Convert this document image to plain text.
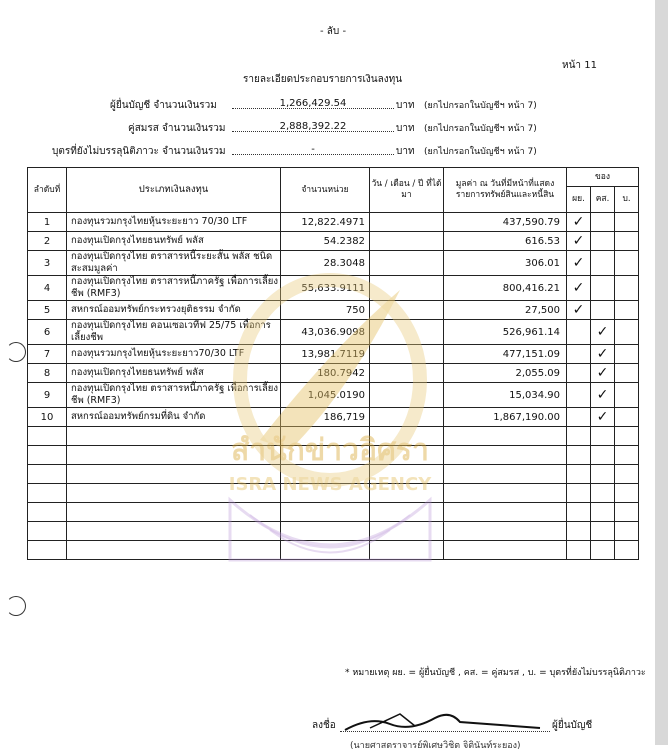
- ลับ -
หน้า 11
รายละเอียดประกอบรายการเงินลงทุน
ผู้ยื่นบัญชี จำนวนเงินรวม	1,266,429.54	บาท (ยกไปกรอกในบัญชีฯ หน้า 7)
คู่สมรส จำนวนเงินรวม	2,888,392.22	บาท (ยกไปกรอกในบัญชีฯ หน้า 7)
บุตรที่ยังไม่บรรลุนิติภาวะ จำนวนเงินรวม	-	บาท (ยกไปกรอกในบัญชีฯ หน้า 7)
ลำดับที่	ประเภทเงินลงทุน	จำนวนหน่วย	วัน / เดือน / ปี ที่ได้มา	มูลค่า ณ วันที่มีหน้าที่แสดงรายการทรัพย์สินและหนี้สิน	ของ		
					ผย.	คส.	บ.
1	กองทุนรวมกรุงไทยหุ้นระยะยาว 70/30 LTF	12,822.4971		437,590.79	✓		
2	กองทุนเปิดกรุงไทยธนทรัพย์ พลัส	54.2382		616.53	✓		
3	กองทุนเปิดกรุงไทย ตราสารหนี้ระยะสั้น พลัส ชนิดสะสมมูลค่า	28.3048		306.01	✓		
4	กองทุนเปิดกรุงไทย ตราสารหนี้ภาครัฐ เพื่อการเลี้ยงชีพ (RMF3)	55,633.9111		800,416.21	✓		
5	สหกรณ์ออมทรัพย์กระทรวงยุติธรรม จำกัด	750		27,500	✓		
6	กองทุนเปิดกรุงไทย คอนเซอเวทีฟ 25/75 เพื่อการเลี้ยงชีพ	43,036.9098		526,961.14		✓	
7	กองทุนรวมกรุงไทยหุ้นระยะยาว70/30 LTF	13,981.7119		477,151.09		✓	
8	กองทุนเปิดกรุงไทยธนทรัพย์ พลัส	180.7942		2,055.09		✓	
9	กองทุนเปิดกรุงไทย ตราสารหนี้ภาครัฐ เพื่อการเลี้ยงชีพ (RMF3)	1,045.0190		15,034.90		✓	
10	สหกรณ์ออมทรัพย์กรมที่ดิน จำกัด	186,719		1,867,190.00		✓	

สำนักข่าวอิศรา
ISRA NEWS AGENCY
* หมายเหตุ ผย. = ผู้ยื่นบัญชี , คส. = คู่สมรส , บ. = บุตรที่ยังไม่บรรลุนิติภาวะ
ลงชื่อ	ผู้ยื่นบัญชี
(นายศาสตราจารย์พิเศษวิชิต จิตินันท์ระยอง)
